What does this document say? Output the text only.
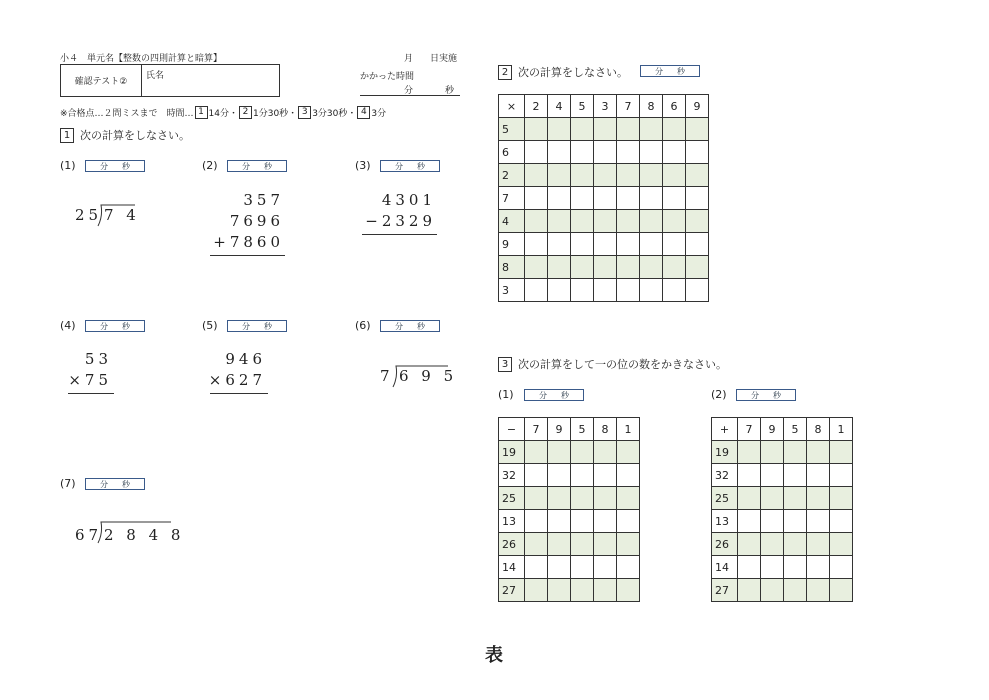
小４　単元名【整数の四則計算と暗算】
確認テスト②
氏名
月 日実施
かかった時間
分	秒
※合格点…２問ミスまで　時間… 1 14分・ 2 1分30秒・ 3 3分30秒・ 4 3分
1 次の計算をしなさい。
(1)	分 秒
25 7 4
(2)	分 秒
357
7696
+7860
(3)	分 秒
4301
−2329
(4)	分 秒
53
×75
(5)	分 秒
946
×627
(6)	分 秒
7 6 9 5
(7)	分 秒
67 2 8 4 8
2 次の計算をしなさい。	分 秒
×	2	4	5	3	7	8	6	9
5								
6								
2								
7								
4								
9								
8								
3								
3 次の計算をして一の位の数をかきなさい。
(1)	分 秒
−	7	9	5	8	1
19					
32					
25					
13					
26					
14					
27					
(2)	分 秒
+	7	9	5	8	1
19					
32					
25					
13					
26					
14					
27					
表
